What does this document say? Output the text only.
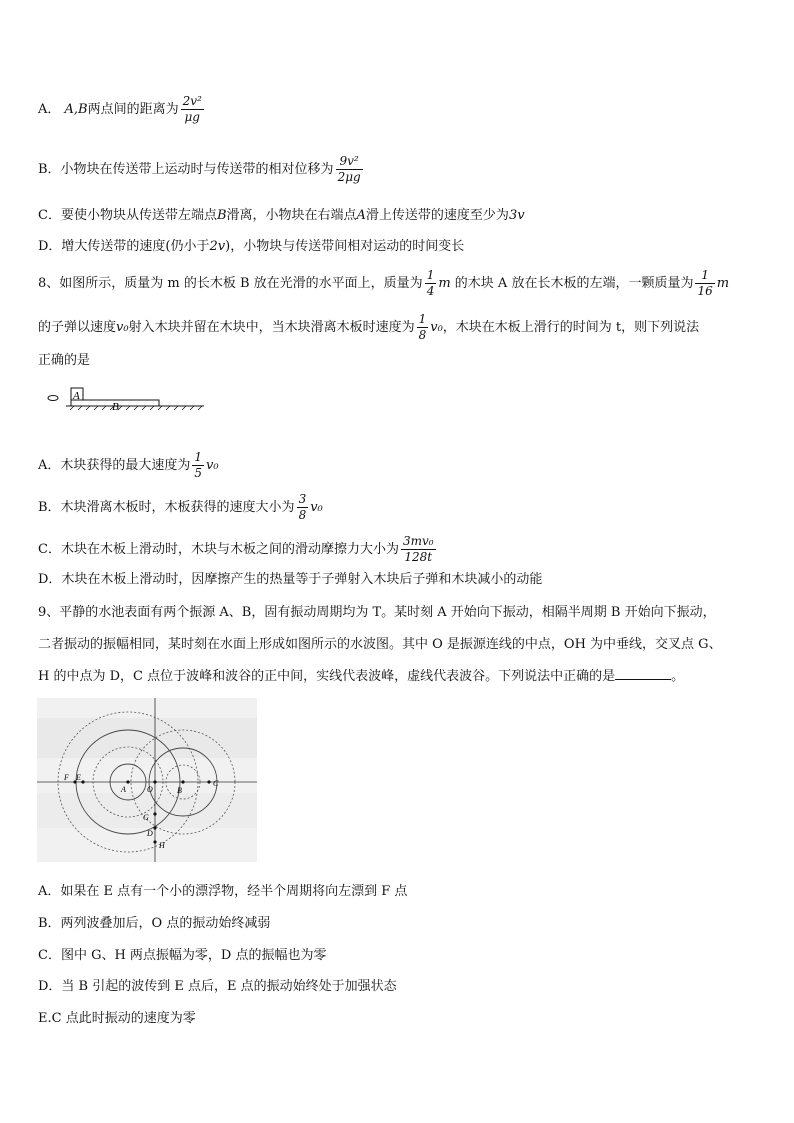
A． A,B两点间的距离为 $\frac{\text{2v²}}{\mu g}$
B．小物块在传送带上运动时与传送带的相对位移为 $\frac{\text{9v²}}{2\mu g}$
C．要使小物块从传送带左端点B滑离，小物块在右端点A滑上传送带的速度至少为3v
D．增大传送带的速度(仍小于2v)，小物块与传送带间相对运动的时间变长
8、如图所示，质量为 m 的长木板 B 放在光滑的水平面上，质量为 $\frac{1}{4}$ m 的木块 A 放在长木板的左端，一颗质量为 $\frac{1}{16}$ m
的子弹以速度v₀射入木块并留在木块中，当木块滑离木板时速度为 $\frac{1}{8} v_0$，木块在木板上滑行的时间为 t，则下列说法
正确的是
A
B
A．木块获得的最大速度为 $\frac{1}{5} v_0$
B．木块滑离木板时，木板获得的速度大小为 $\frac{3}{8} v_0$
C．木块在木板上滑动时，木块与木板之间的滑动摩擦力大小为 $\frac{\text{3mv₀}}{128t}$
D．木块在木板上滑动时，因摩擦产生的热量等于子弹射入木块后子弹和木块减小的动能
9、平静的水池表面有两个振源 A、B，固有振动周期均为 T。某时刻 A 开始向下振动，相隔半周期 B 开始向下振动，
二者振动的振幅相同，某时刻在水面上形成如图所示的水波图。其中 O 是振源连线的中点，OH 为中垂线，交叉点 G、
H 的中点为 D，C 点位于波峰和波谷的正中间，实线代表波峰，虚线代表波谷。下列说法中正确的是	。
F E
A	O	B
C
G
D
H
A．如果在 E 点有一个小的漂浮物，经半个周期将向左漂到 F 点
B．两列波叠加后，O 点的振动始终减弱
C．图中 G、H 两点振幅为零，D 点的振幅也为零
D．当 B 引起的波传到 E 点后，E 点的振动始终处于加强状态
E.C 点此时振动的速度为零
